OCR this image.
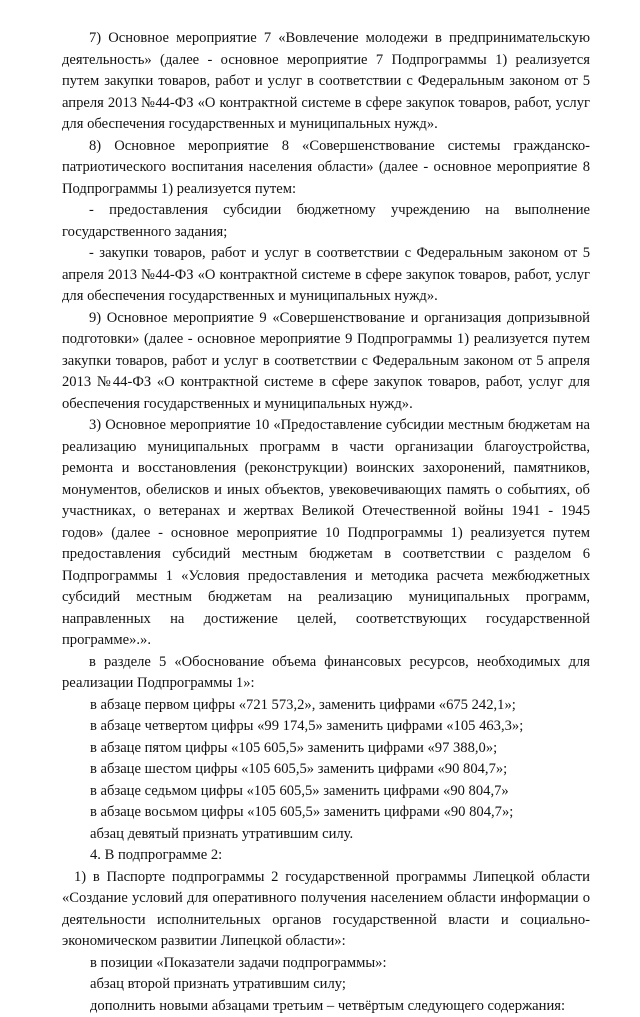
7) Основное мероприятие 7 «Вовлечение молодежи в предпринимательскую деятельность» (далее - основное мероприятие 7 Подпрограммы 1) реализуется путем закупки товаров, работ и услуг в соответствии с Федеральным законом от 5 апреля 2013 №44-ФЗ «О контрактной системе в сфере закупок товаров, работ, услуг для обеспечения государственных и муниципальных нужд».

8) Основное мероприятие 8 «Совершенствование системы гражданско-патриотического воспитания населения области» (далее - основное мероприятие 8 Подпрограммы 1) реализуется путем:

- предоставления субсидии бюджетному учреждению на выполнение государственного задания;

- закупки товаров, работ и услуг в соответствии с Федеральным законом от 5 апреля 2013 №44-ФЗ «О контрактной системе в сфере закупок товаров, работ, услуг для обеспечения государственных и муниципальных нужд».

9) Основное мероприятие 9 «Совершенствование и организация допризывной подготовки» (далее - основное мероприятие 9 Подпрограммы 1) реализуется путем закупки товаров, работ и услуг в соответствии с Федеральным законом от 5 апреля 2013 №44-ФЗ «О контрактной системе в сфере закупок товаров, работ, услуг для обеспечения государственных и муниципальных нужд».

3) Основное мероприятие 10 «Предоставление субсидии местным бюджетам на реализацию муниципальных программ в части организации благоустройства, ремонта и восстановления (реконструкции) воинских захоронений, памятников, монументов, обелисков и иных объектов, увековечивающих память о событиях, об участниках, о ветеранах и жертвах Великой Отечественной войны 1941 - 1945 годов» (далее - основное мероприятие 10 Подпрограммы 1) реализуется путем предоставления субсидий местным бюджетам в соответствии с разделом 6 Подпрограммы 1 «Условия предоставления и методика расчета межбюджетных субсидий местным бюджетам на реализацию муниципальных программ, направленных на достижение целей, соответствующих государственной программе».».

в разделе 5 «Обоснование объема финансовых ресурсов, необходимых для реализации Подпрограммы 1»:

в абзаце первом цифры «721 573,2», заменить цифрами «675 242,1»;

в абзаце четвертом цифры «99 174,5» заменить цифрами «105 463,3»;

в абзаце пятом цифры «105 605,5» заменить цифрами «97 388,0»;

в абзаце шестом цифры «105 605,5» заменить цифрами «90 804,7»;

в абзаце седьмом цифры «105 605,5» заменить цифрами «90 804,7»

в абзаце восьмом цифры «105 605,5» заменить цифрами «90 804,7»;

абзац девятый признать утратившим силу.

4. В подпрограмме 2:

1) в Паспорте подпрограммы 2 государственной программы Липецкой области «Создание условий для оперативного получения населением области информации о деятельности исполнительных органов государственной власти и социально-экономическом развитии Липецкой области»:

в позиции «Показатели задачи подпрограммы»:

абзац второй признать утратившим силу;

дополнить новыми абзацами третьим – четвёртым следующего содержания:
